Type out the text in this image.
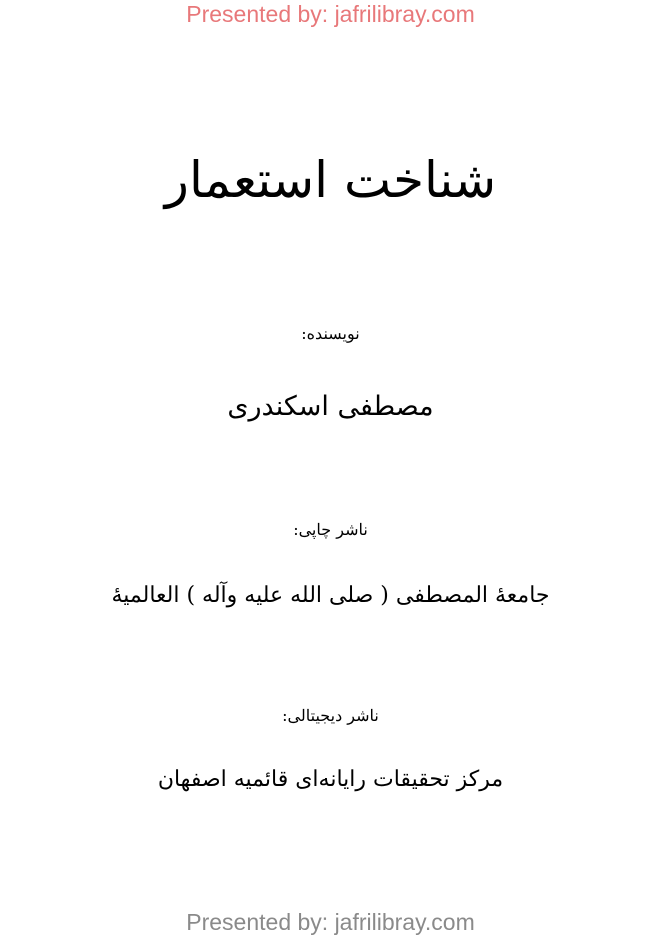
Presented by: jafrilibray.com
شناخت استعمار
نویسنده:
مصطفی اسکندری
ناشر چاپی:
جامعۀ المصطفی ( صلی الله علیه وآله ) العالمیۀ
ناشر دیجیتالی:
مرکز تحقیقات رایانه‌ای قائمیه اصفهان
Presented by: jafrilibray.com
